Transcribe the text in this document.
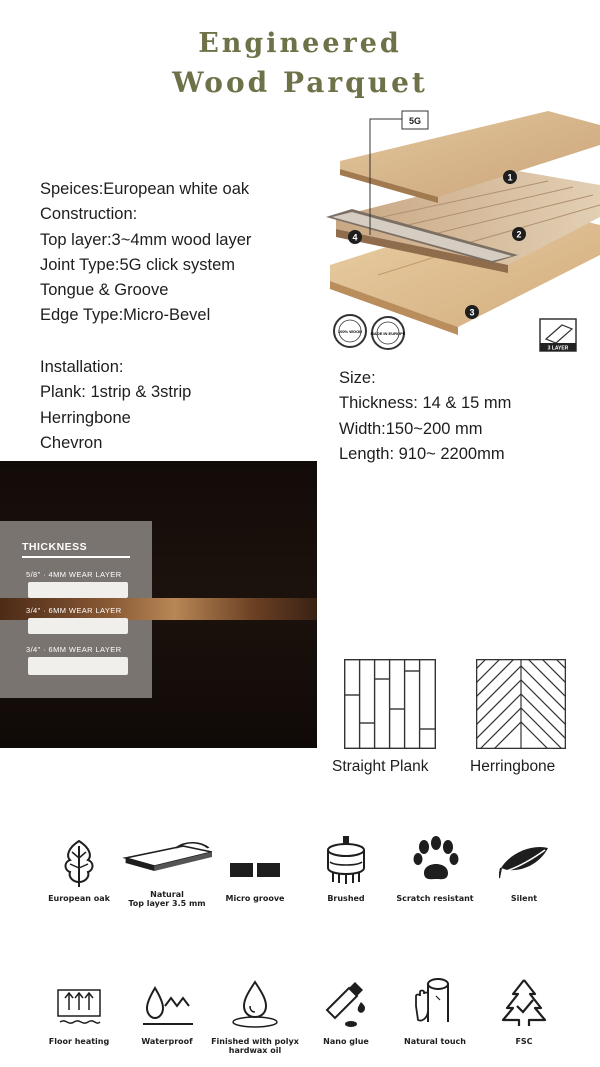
Engineered
Wood Parquet
Speices:European white oak
Construction:
Top layer:3~4mm wood layer
Joint Type:5G click system
Tongue & Groove
Edge Type:Micro-Bevel
Installation:
Plank: 1strip & 3strip
Herringbone
Chevron
Size:
Thickness: 14 & 15 mm
Width:150~200 mm
Length: 910~ 2200mm
5G
1
2
3
4
100% WOOD MADE IN EUROPE
3 LAYER
THICKNESS
5/8" · 4MM WEAR LAYER
3/4" · 6MM WEAR LAYER
3/4" · 6MM WEAR LAYER
Straight Plank	Herringbone
European oak	Natural
Top layer 3.5 mm
Micro groove	Brushed	Scratch resistant	Silent
Floor heating	Waterproof	Finished with polyx
hardwax oil
Nano glue	Natural touch	FSC
